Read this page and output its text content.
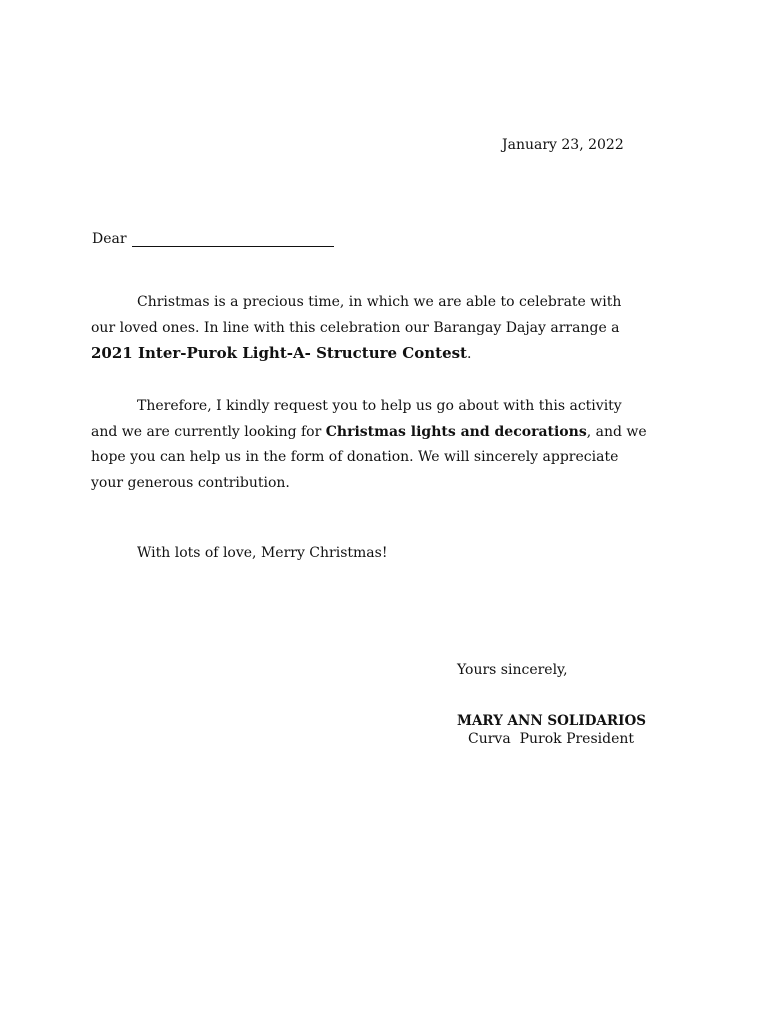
January 23, 2022
Dear
Christmas is a precious time, in which we are able to celebrate with
our loved ones. In line with this celebration our Barangay Dajay arrange a
2021 Inter-Purok Light-A- Structure Contest.
Therefore, I kindly request you to help us go about with this activity
and we are currently looking for Christmas lights and decorations, and we
hope you can help us in the form of donation. We will sincerely appreciate
your generous contribution.
With lots of love, Merry Christmas!
Yours sincerely,
MARY ANN SOLIDARIOS
Curva  Purok President
